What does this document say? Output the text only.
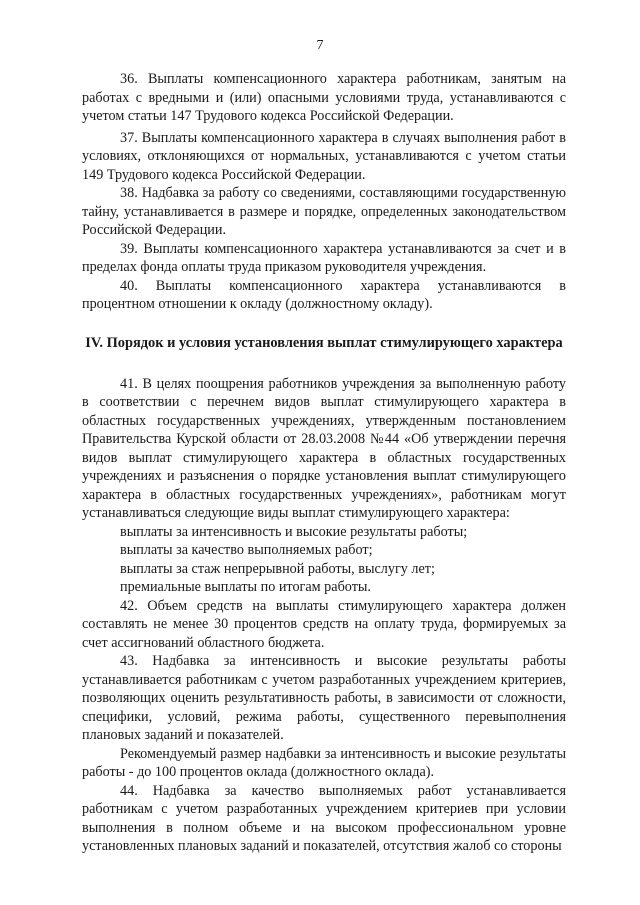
7

36. Выплаты компенсационного характера работникам, занятым на работах с вредными и (или) опасными условиями труда, устанавливаются с учетом статьи 147 Трудового кодекса Российской Федерации.

37. Выплаты компенсационного характера в случаях выполнения работ в условиях, отклоняющихся от нормальных, устанавливаются с учетом статьи 149 Трудового кодекса Российской Федерации.

38. Надбавка за работу со сведениями, составляющими государственную тайну, устанавливается в размере и порядке, определенных законодательством Российской Федерации.

39. Выплаты компенсационного характера устанавливаются за счет и в пределах фонда оплаты труда приказом руководителя учреждения.

40. Выплаты компенсационного характера устанавливаются в процентном отношении к окладу (должностному окладу).

IV. Порядок и условия установления выплат стимулирующего характера

41. В целях поощрения работников учреждения за выполненную работу в соответствии с перечнем видов выплат стимулирующего характера в областных государственных учреждениях, утвержденным постановлением Правительства Курской области от 28.03.2008 №44 «Об утверждении перечня видов выплат стимулирующего характера в областных государственных учреждениях и разъяснения о порядке установления выплат стимулирующего характера в областных государственных учреждениях», работникам могут устанавливаться следующие виды выплат стимулирующего характера:

выплаты за интенсивность и высокие результаты работы;

выплаты за качество выполняемых работ;

выплаты за стаж непрерывной работы, выслугу лет;

премиальные выплаты по итогам работы.

42. Объем средств на выплаты стимулирующего характера должен составлять не менее 30 процентов средств на оплату труда, формируемых за счет ассигнований областного бюджета.

43. Надбавка за интенсивность и высокие результаты работы устанавливается работникам с учетом разработанных учреждением критериев, позволяющих оценить результативность работы, в зависимости от сложности, специфики, условий, режима работы, существенного перевыполнения плановых заданий и показателей.

Рекомендуемый размер надбавки за интенсивность и высокие результаты работы - до 100 процентов оклада (должностного оклада).

44. Надбавка за качество выполняемых работ устанавливается работникам с учетом разработанных учреждением критериев при условии выполнения в полном объеме и на высоком профессиональном уровне установленных плановых заданий и показателей, отсутствия жалоб со стороны
